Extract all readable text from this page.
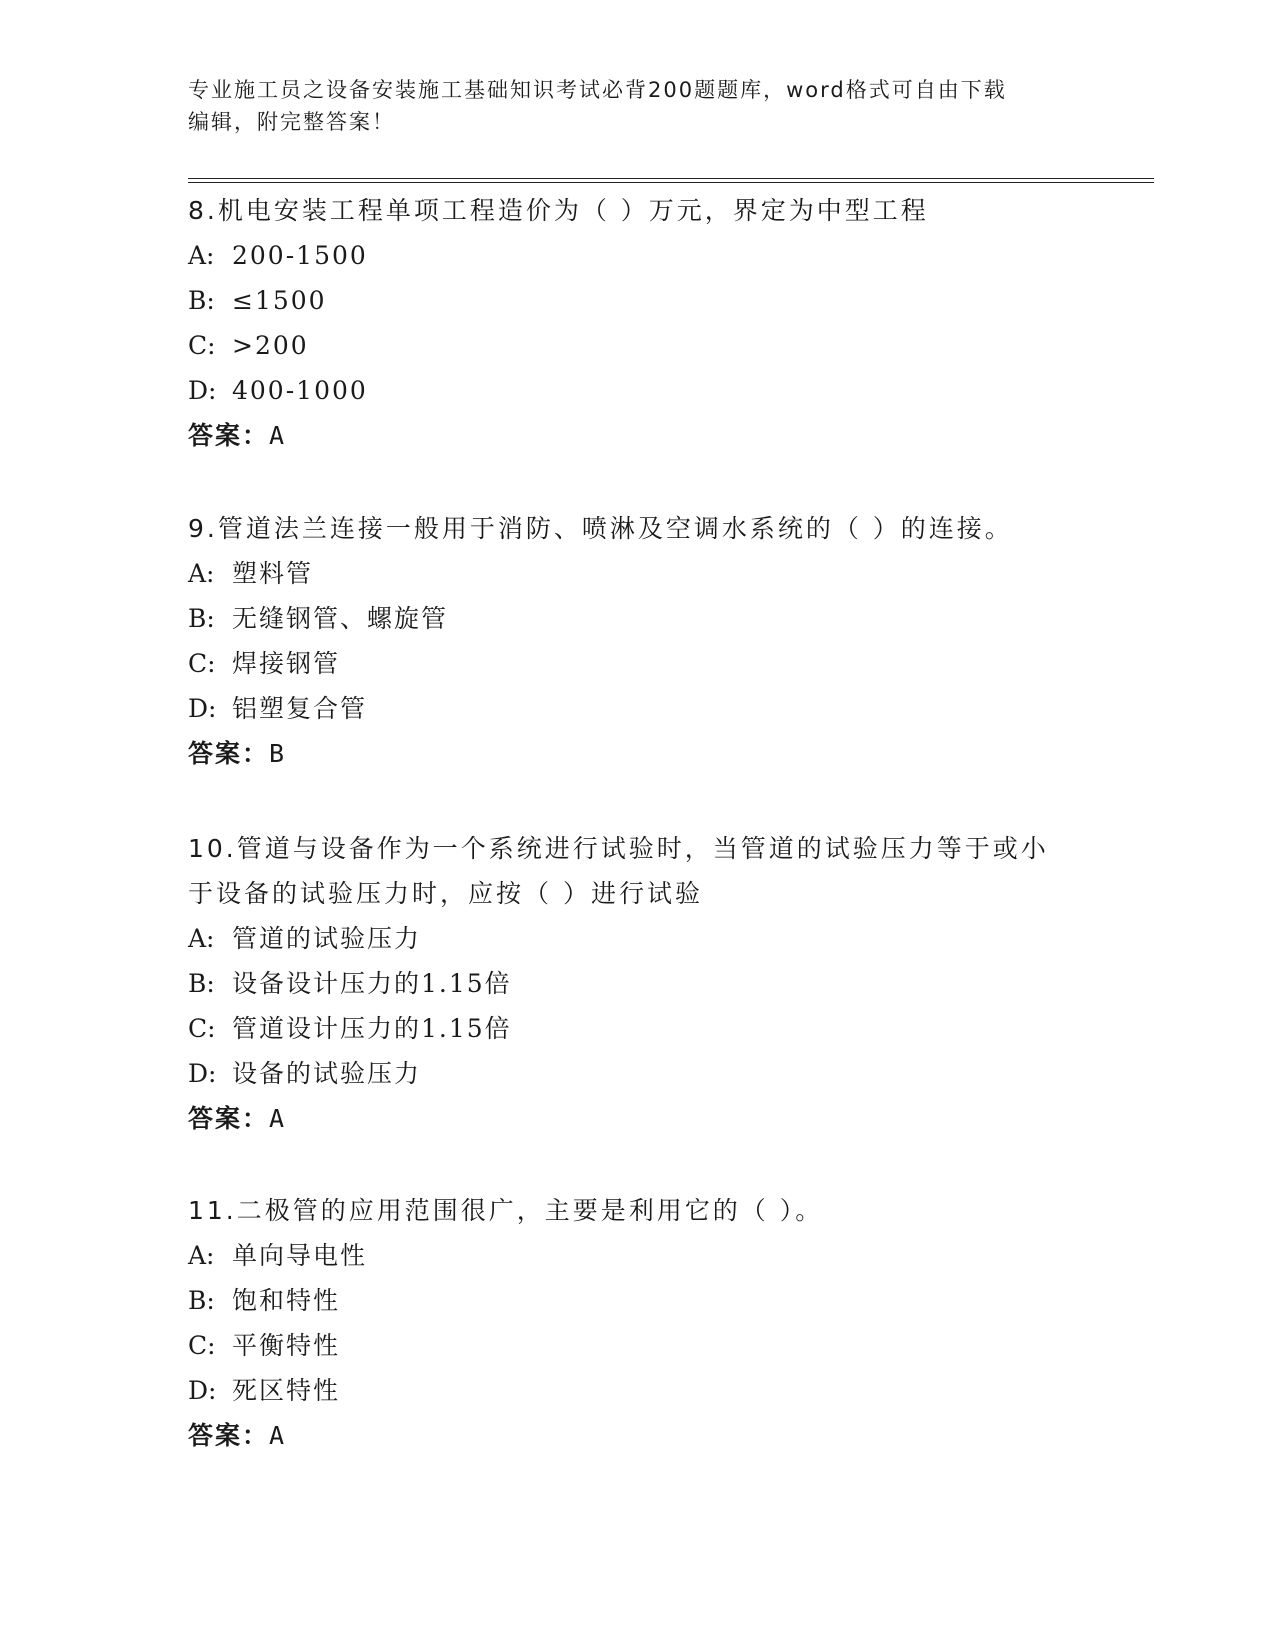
专业施工员之设备安装施工基础知识考试必背200题题库，word格式可自由下载
编辑，附完整答案！

8.机电安装工程单项工程造价为（ ）万元，界定为中型工程

A: 200-1500

B: ≤1500

C: >200

D: 400-1000

答案：A

9.管道法兰连接一般用于消防、喷淋及空调水系统的（ ）的连接。

A: 塑料管

B: 无缝钢管、螺旋管

C: 焊接钢管

D: 铝塑复合管

答案：B

10.管道与设备作为一个系统进行试验时，当管道的试验压力等于或小

于设备的试验压力时，应按（ ）进行试验

A: 管道的试验压力

B: 设备设计压力的1.15倍

C: 管道设计压力的1.15倍

D: 设备的试验压力

答案：A

11.二极管的应用范围很广，主要是利用它的（ ）。

A: 单向导电性

B: 饱和特性

C: 平衡特性

D: 死区特性

答案：A
